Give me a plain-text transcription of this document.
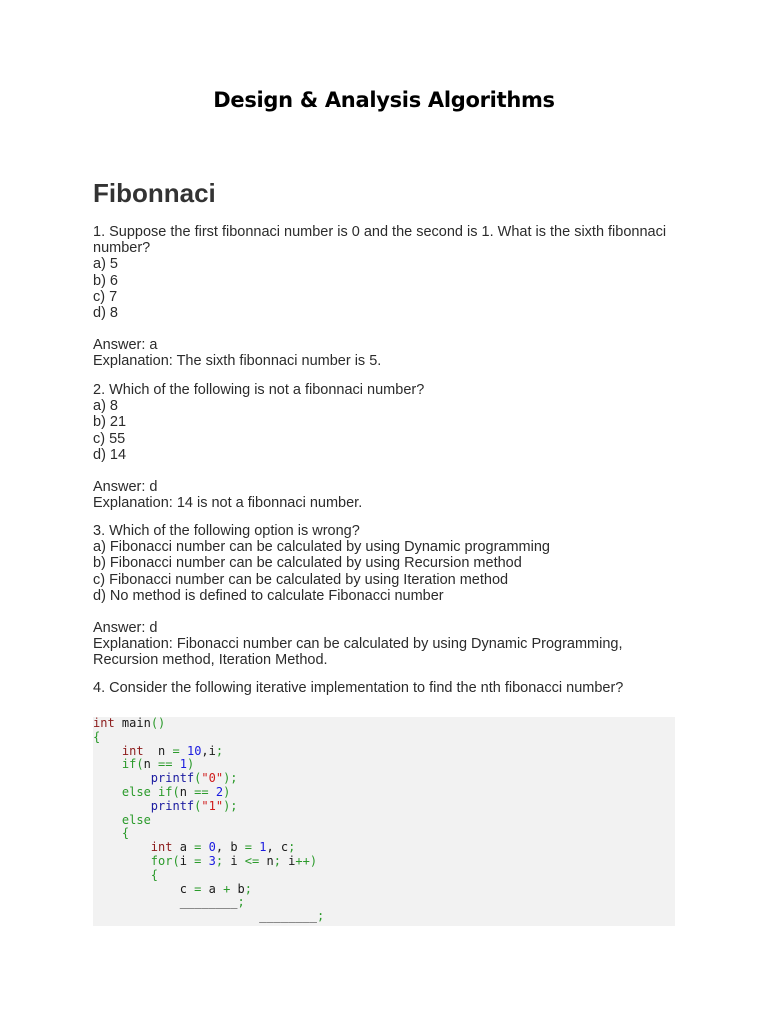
Design & Analysis Algorithms
Fibonnaci
1. Suppose the first fibonnaci number is 0 and the second is 1. What is the sixth fibonnaci number?
a) 5
b) 6
c) 7
d) 8
Answer: a
Explanation: The sixth fibonnaci number is 5.
2. Which of the following is not a fibonnaci number?
a) 8
b) 21
c) 55
d) 14
Answer: d
Explanation: 14 is not a fibonnaci number.
3. Which of the following option is wrong?
a) Fibonacci number can be calculated by using Dynamic programming
b) Fibonacci number can be calculated by using Recursion method
c) Fibonacci number can be calculated by using Iteration method
d) No method is defined to calculate Fibonacci number
Answer: d
Explanation: Fibonacci number can be calculated by using Dynamic Programming, Recursion method, Iteration Method.
4. Consider the following iterative implementation to find the nth fibonacci number?
int main()
{
int  n = 10,i;
if(n == 1)
printf("0");
else if(n == 2)
printf("1");
else
{
int a = 0, b = 1, c;
for(i = 3; i <= n; i++)
{
c = a + b;
________;
________;
